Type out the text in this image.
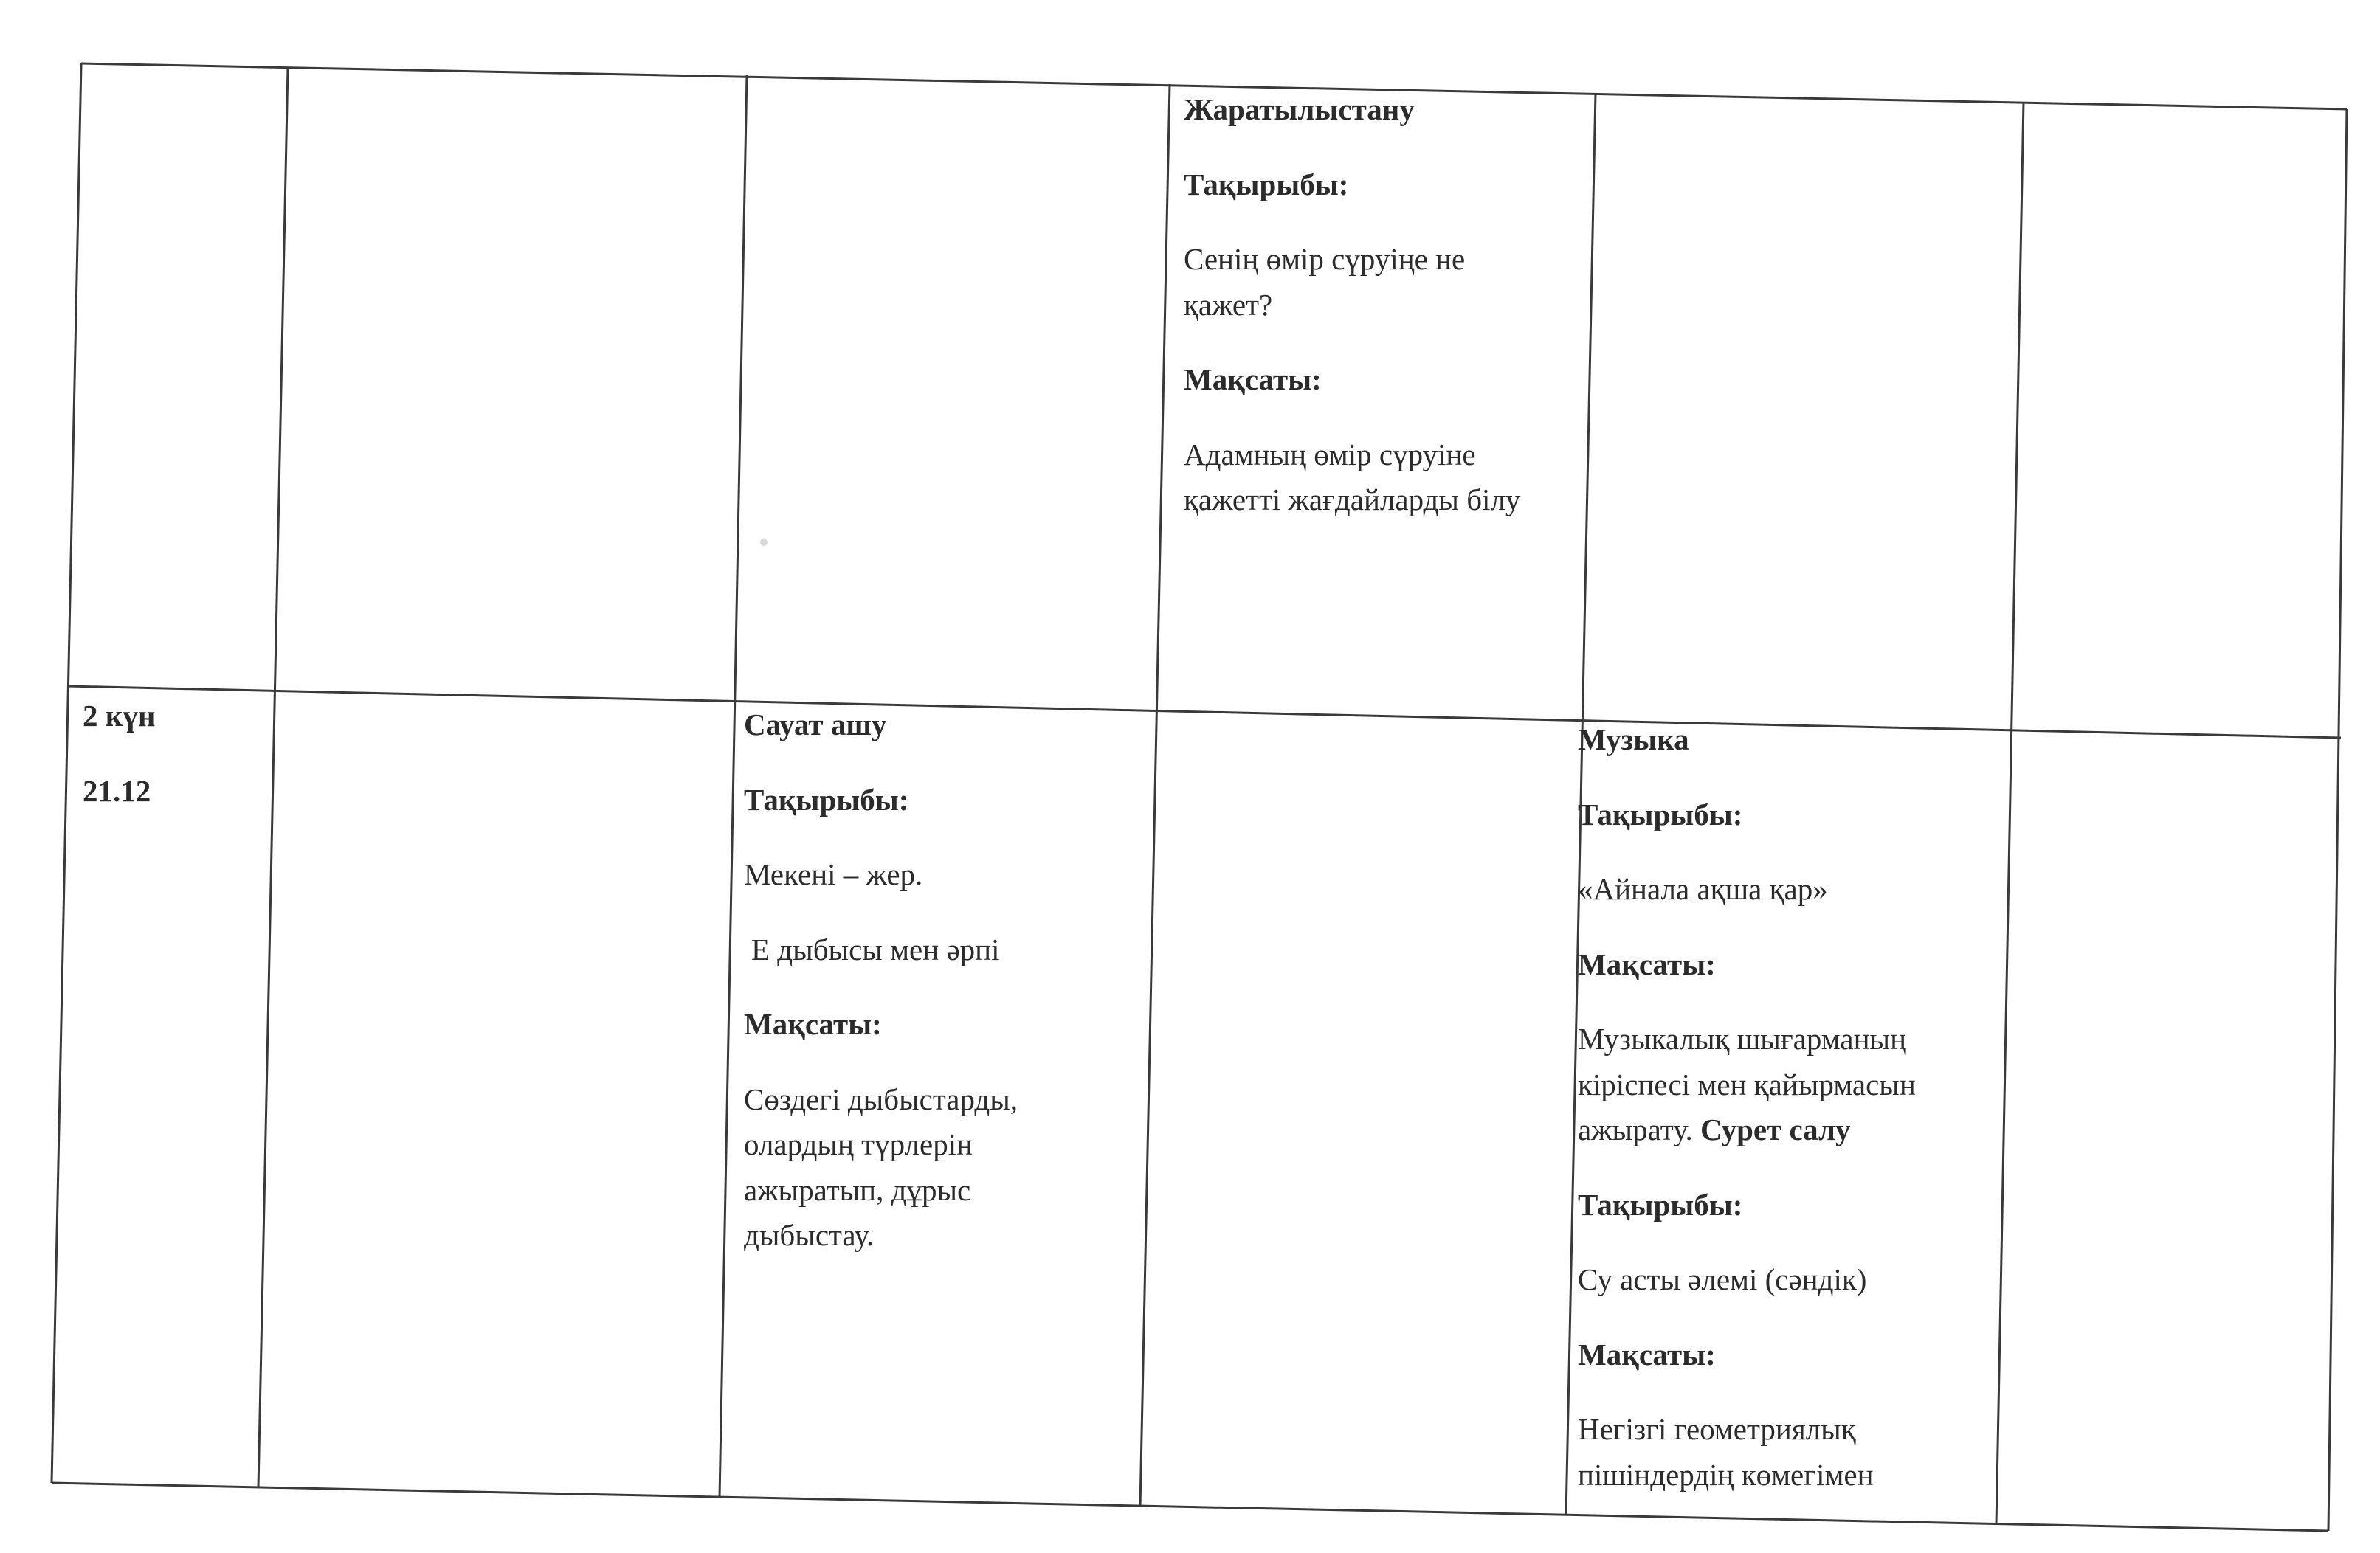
Жаратылыстану
Тақырыбы:
Сенің өмір сүруіңе не
қажет?
Мақсаты:
Адамның өмір сүруіне
қажетті жағдайларды білу
2 күн
21.12
Сауат ашу
Тақырыбы:
Мекені – жер.
Е дыбысы мен әрпі
Мақсаты:
Сөздегі дыбыстарды,
олардың түрлерін
ажыратып, дұрыс
дыбыстау.
Музыка
Тақырыбы:
«Айнала ақша қар»
Мақсаты:
Музыкалық шығарманың
кіріспесі мен қайырмасын
ажырату. Сурет салу
Тақырыбы:
Су асты әлемі (сәндік)
Мақсаты:
Негізгі геометриялық
пішіндердің көмегімен
